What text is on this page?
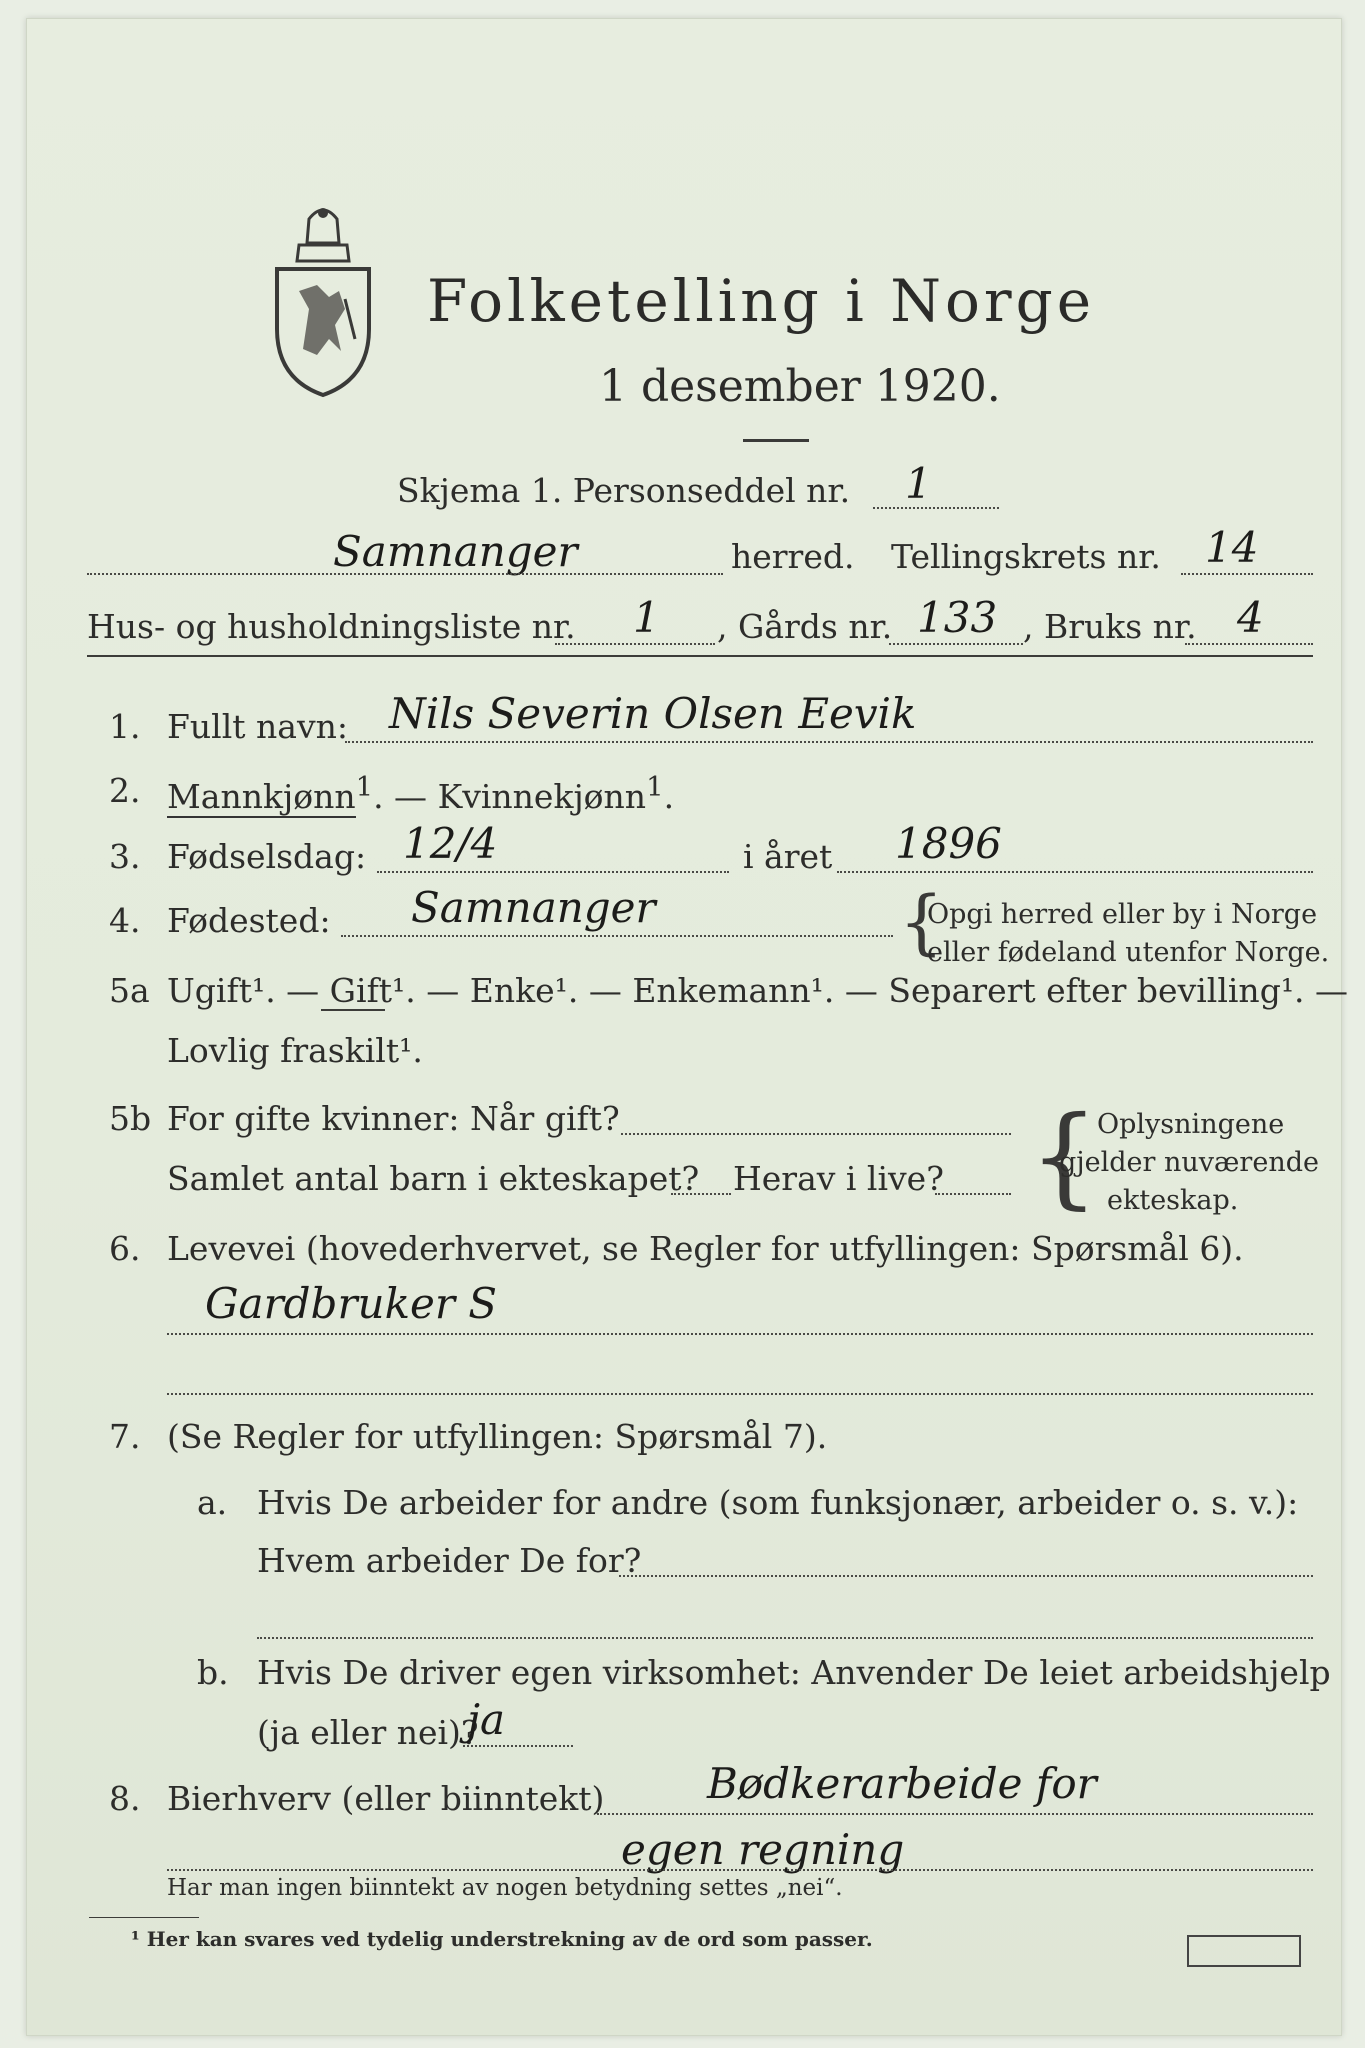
Folketelling i Norge
1 desember 1920.
Skjema 1. Personseddel nr. 1
Samnanger	herred. Tellingskrets nr. 14
Hus- og husholdningsliste nr. 1 , Gårds nr. 133 , Bruks nr. 4
1. Fullt navn: Nils Severin Olsen Eevik
2. Mannkjønn$^1$. — Kvinnekjønn$^1$.
3. Fødselsdag: 12/4	i året 1896
4. Fødested: Samnanger	{
Opgi herred eller by i Norge
eller fødeland utenfor Norge.
5a Ugift¹. — Gift¹. — Enke¹. — Enkemann¹. — Separert efter bevilling¹. —
Lovlig fraskilt¹.
5b For gifte kvinner: Når gift?
Samlet antal barn i ekteskapet? Herav i live? {
Oplysningene
gjelder nuværende
ekteskap.
6. Levevei (hovederhvervet, se Regler for utfyllingen: Spørsmål 6).
Gardbruker S
7. (Se Regler for utfyllingen: Spørsmål 7).
a. Hvis De arbeider for andre (som funksjonær, arbeider o. s. v.):
Hvem arbeider De for?
b. Hvis De driver egen virksomhet: Anvender De leiet arbeidshjelp
(ja eller nei)?
ja
8. Bierhverv (eller biinntekt) Bødkerarbeide for
egen regning
Har man ingen biinntekt av nogen betydning settes „nei“.
¹ Her kan svares ved tydelig understrekning av de ord som passer.
